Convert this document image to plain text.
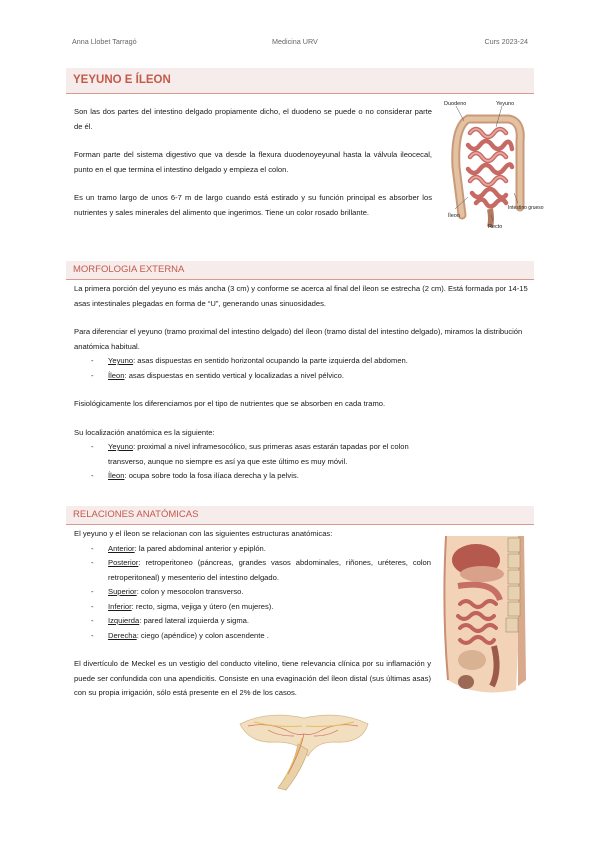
Anna Llobet Tarragó	Medicina URV	Curs 2023-24
YEYUNO E ÍLEON

Son las dos partes del intestino delgado propiamente dicho, el duodeno se puede o no considerar parte de él.

Forman parte del sistema digestivo que va desde la flexura duodenoyeyunal hasta la válvula ileocecal, punto en el que termina el intestino delgado y empieza el colon.

Es un tramo largo de unos 6-7 m de largo cuando está estirado y su función principal es absorber los nutrientes y sales minerales del alimento que ingerimos. Tiene un color rosado brillante.

Duodeno	Yeyuno
Íleon
Intestino grueso
Recto
MORFOLOGIA EXTERNA

La primera porción del yeyuno es más ancha (3 cm) y conforme se acerca al final del íleon se estrecha (2 cm). Está formada por 14-15 asas intestinales plegadas en forma de “U”, generando unas sinuosidades.

Para diferenciar el yeyuno (tramo proximal del intestino delgado) del íleon (tramo distal del intestino delgado), miramos la distribución anatómica habitual.

- Yeyuno: asas dispuestas en sentido horizontal ocupando la parte izquierda del abdomen.
- Íleon: asas dispuestas en sentido vertical y localizadas a nivel pélvico.

Fisiológicamente los diferenciamos por el tipo de nutrientes que se absorben en cada tramo.

Su localización anatómica es la siguiente:

- Yeyuno: proximal a nivel inframesocólico, sus primeras asas estarán tapadas por el colon transverso, aunque no siempre es así ya que este último es muy móvil.
- Íleon: ocupa sobre todo la fosa ilíaca derecha y la pelvis.
RELACIONES ANATÓMICAS

El yeyuno y el íleon se relacionan con las siguientes estructuras anatómicas:

- Anterior: la pared abdominal anterior y epiplón.
- Posterior: retroperitoneo (páncreas, grandes vasos abdominales, riñones, uréteres, colon retroperitoneal) y mesenterio del intestino delgado.
- Superior: colon y mesocolon transverso.
- Inferior: recto, sigma, vejiga y útero (en mujeres).
- Izquierda: pared lateral izquierda y sigma.
- Derecha: ciego (apéndice) y colon ascendente .

El divertículo de Meckel es un vestigio del conducto vitelino, tiene relevancia clínica por su inflamación y puede ser confundida con una apendicitis. Consiste en una evaginación del íleon distal (sus últimas asas) con su propia irrigación, sólo está presente en el 2% de los casos.
